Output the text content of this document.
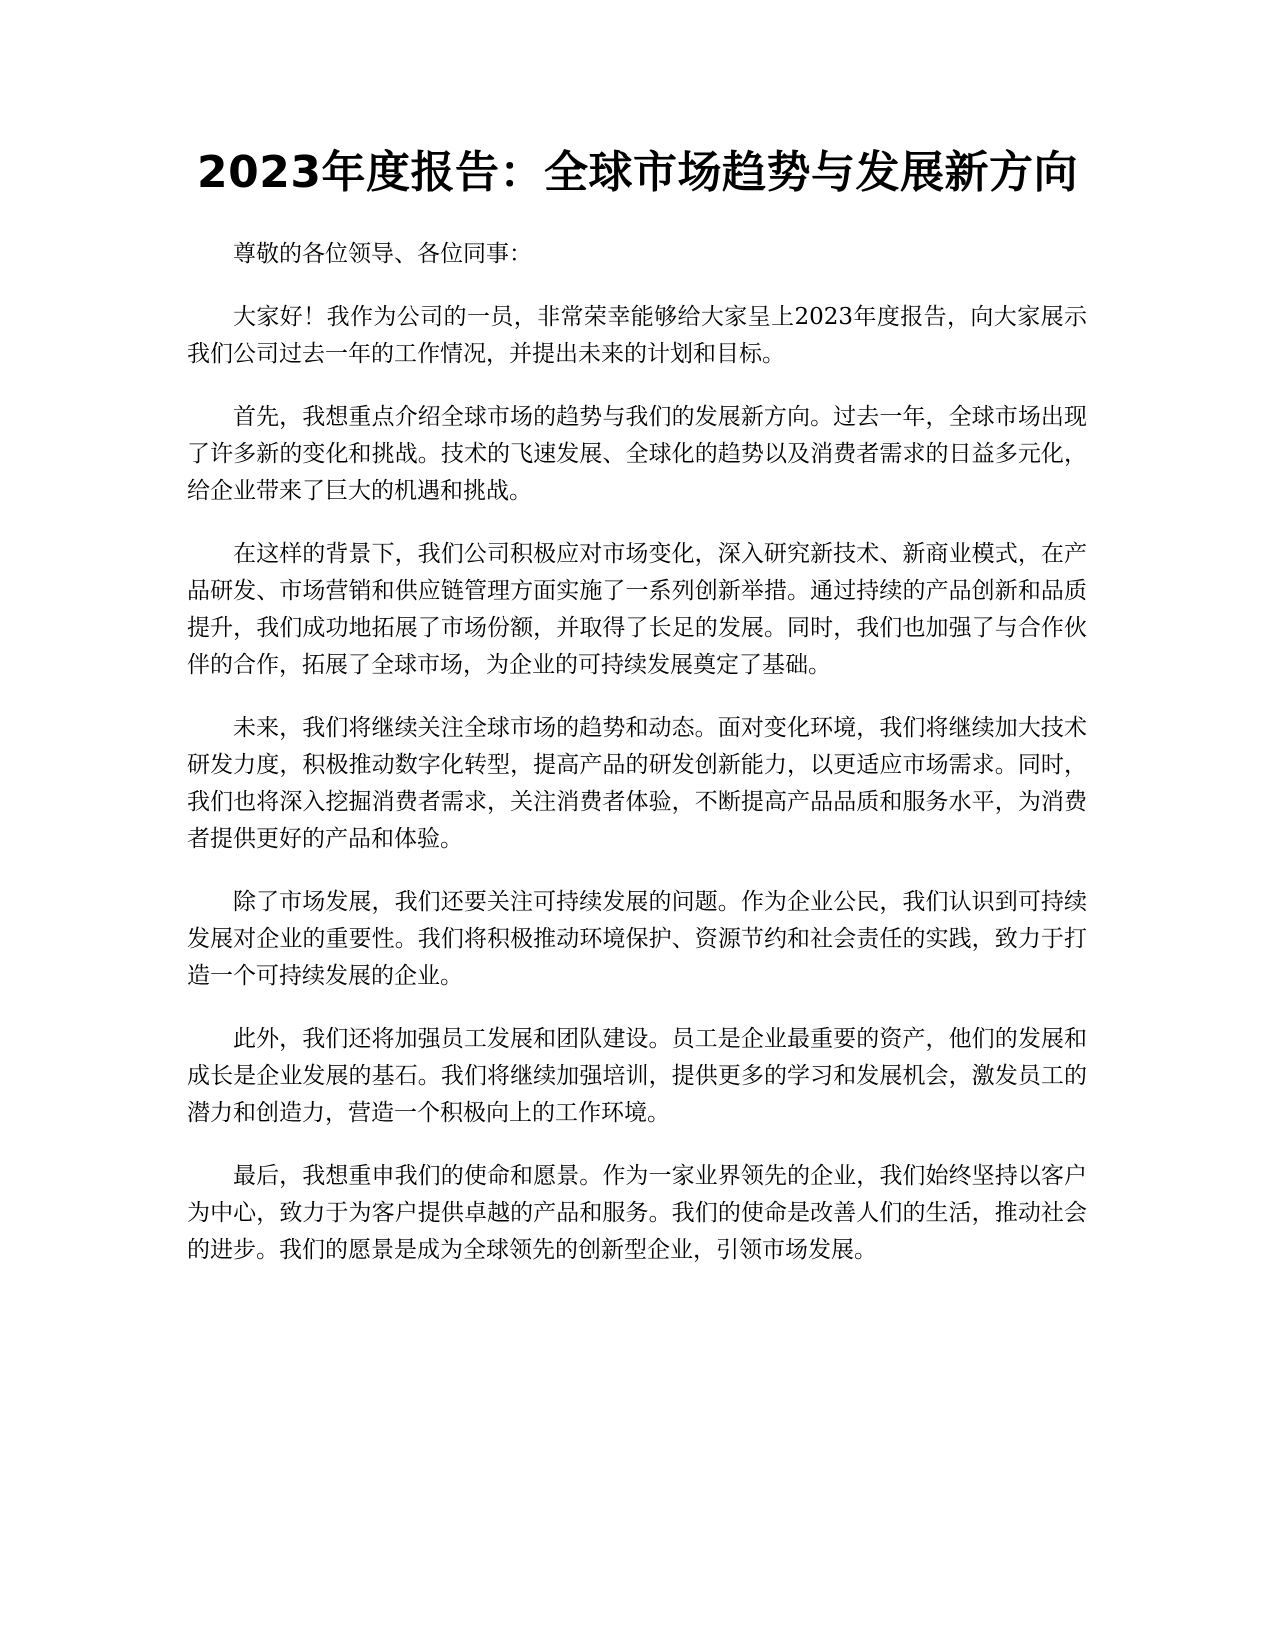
2023年度报告：全球市场趋势与发展新方向

尊敬的各位领导、各位同事：

大家好！我作为公司的一员，非常荣幸能够给大家呈上2023年度报告，向大家展示我们公司过去一年的工作情况，并提出未来的计划和目标。

首先，我想重点介绍全球市场的趋势与我们的发展新方向。过去一年，全球市场出现了许多新的变化和挑战。技术的飞速发展、全球化的趋势以及消费者需求的日益多元化，给企业带来了巨大的机遇和挑战。

在这样的背景下，我们公司积极应对市场变化，深入研究新技术、新商业模式，在产品研发、市场营销和供应链管理方面实施了一系列创新举措。通过持续的产品创新和品质提升，我们成功地拓展了市场份额，并取得了长足的发展。同时，我们也加强了与合作伙伴的合作，拓展了全球市场，为企业的可持续发展奠定了基础。

未来，我们将继续关注全球市场的趋势和动态。面对变化环境，我们将继续加大技术研发力度，积极推动数字化转型，提高产品的研发创新能力，以更适应市场需求。同时，我们也将深入挖掘消费者需求，关注消费者体验，不断提高产品品质和服务水平，为消费者提供更好的产品和体验。

除了市场发展，我们还要关注可持续发展的问题。作为企业公民，我们认识到可持续发展对企业的重要性。我们将积极推动环境保护、资源节约和社会责任的实践，致力于打造一个可持续发展的企业。

此外，我们还将加强员工发展和团队建设。员工是企业最重要的资产，他们的发展和成长是企业发展的基石。我们将继续加强培训，提供更多的学习和发展机会，激发员工的潜力和创造力，营造一个积极向上的工作环境。

最后，我想重申我们的使命和愿景。作为一家业界领先的企业，我们始终坚持以客户为中心，致力于为客户提供卓越的产品和服务。我们的使命是改善人们的生活，推动社会的进步。我们的愿景是成为全球领先的创新型企业，引领市场发展。
